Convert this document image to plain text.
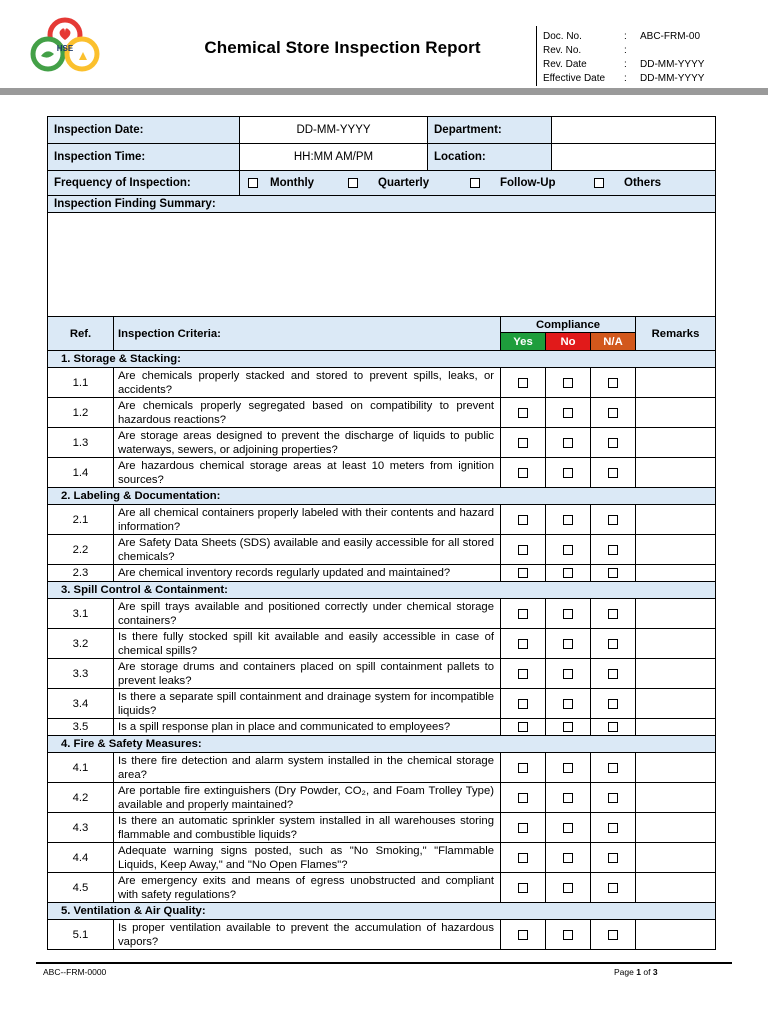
HSE	Chemical Store Inspection Report
Doc. No.	:	ABC-FRM-00
Rev. No.	:
Rev. Date	:	DD-MM-YYYY
Effective Date	:	DD-MM-YYYY
Inspection Date:	DD-MM-YYYY	Department:	
Inspection Time:	HH:MM AM/PM	Location:	
Frequency of Inspection:	Monthly Quarterly Follow-Up Others		

Inspection Finding Summary:			

Ref.	Inspection Criteria:	Compliance			Remarks
		Yes	No	N/A	
1. Storage & Stacking:					
1.1	Are chemicals properly stacked and stored to prevent spills, leaks, or accidents?				
1.2	Are chemicals properly segregated based on compatibility to prevent hazardous reactions?				
1.3	Are storage areas designed to prevent the discharge of liquids to public waterways, sewers, or adjoining properties?				
1.4	Are hazardous chemical storage areas at least 10 meters from ignition sources?				
2. Labeling & Documentation:					
2.1	Are all chemical containers properly labeled with their contents and hazard information?				
2.2	Are Safety Data Sheets (SDS) available and easily accessible for all stored chemicals?				
2.3	Are chemical inventory records regularly updated and maintained?				
3. Spill Control & Containment:					
3.1	Are spill trays available and positioned correctly under chemical storage containers?				
3.2	Is there fully stocked spill kit available and easily accessible in case of chemical spills?				
3.3	Are storage drums and containers placed on spill containment pallets to prevent leaks?				
3.4	Is there a separate spill containment and drainage system for incompatible liquids?				
3.5	Is a spill response plan in place and communicated to employees?				
4. Fire & Safety Measures:					
4.1	Is there fire detection and alarm system installed in the chemical storage area?				
4.2	Are portable fire extinguishers (Dry Powder, CO₂, and Foam Trolley Type) available and properly maintained?				
4.3	Is there an automatic sprinkler system installed in all warehouses storing flammable and combustible liquids?				
4.4	Adequate warning signs posted, such as "No Smoking," "Flammable Liquids, Keep Away," and "No Open Flames"?				
4.5	Are emergency exits and means of egress unobstructed and compliant with safety regulations?				
5. Ventilation & Air Quality:					
5.1	Is proper ventilation available to prevent the accumulation of hazardous vapors?				
ABC--FRM-0000	Page 1 of 3
